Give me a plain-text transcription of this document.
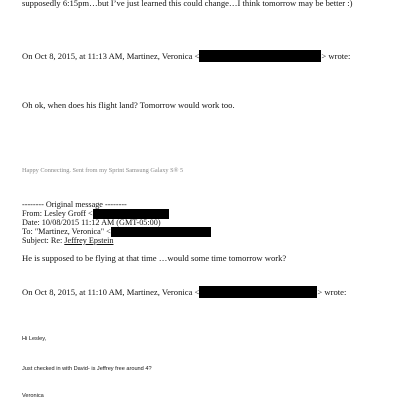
supposedly 6:15pm…but I’ve just learned this could change…I think tomorrow may be better :)
On Oct 8, 2015, at 11:13 AM, Martinez, Veronica <	> wrote:
Oh ok, when does his flight land? Tomorrow would work too.
Happy Connecting. Sent from my Sprint Samsung Galaxy S® 5
-------- Original message --------
From: Lesley Groff <
Date: 10/08/2015 11:12 AM (GMT-05:00)
To: "Martinez, Veronica" <
Subject: Re: Jeffrey Epstein
He is supposed to be flying at that time …would some time tomorrow work?
On Oct 8, 2015, at 11:10 AM, Martinez, Veronica <	> wrote:
Hi Lesley,
Just checked in with David- is Jeffrey free around 4?
Veronica
